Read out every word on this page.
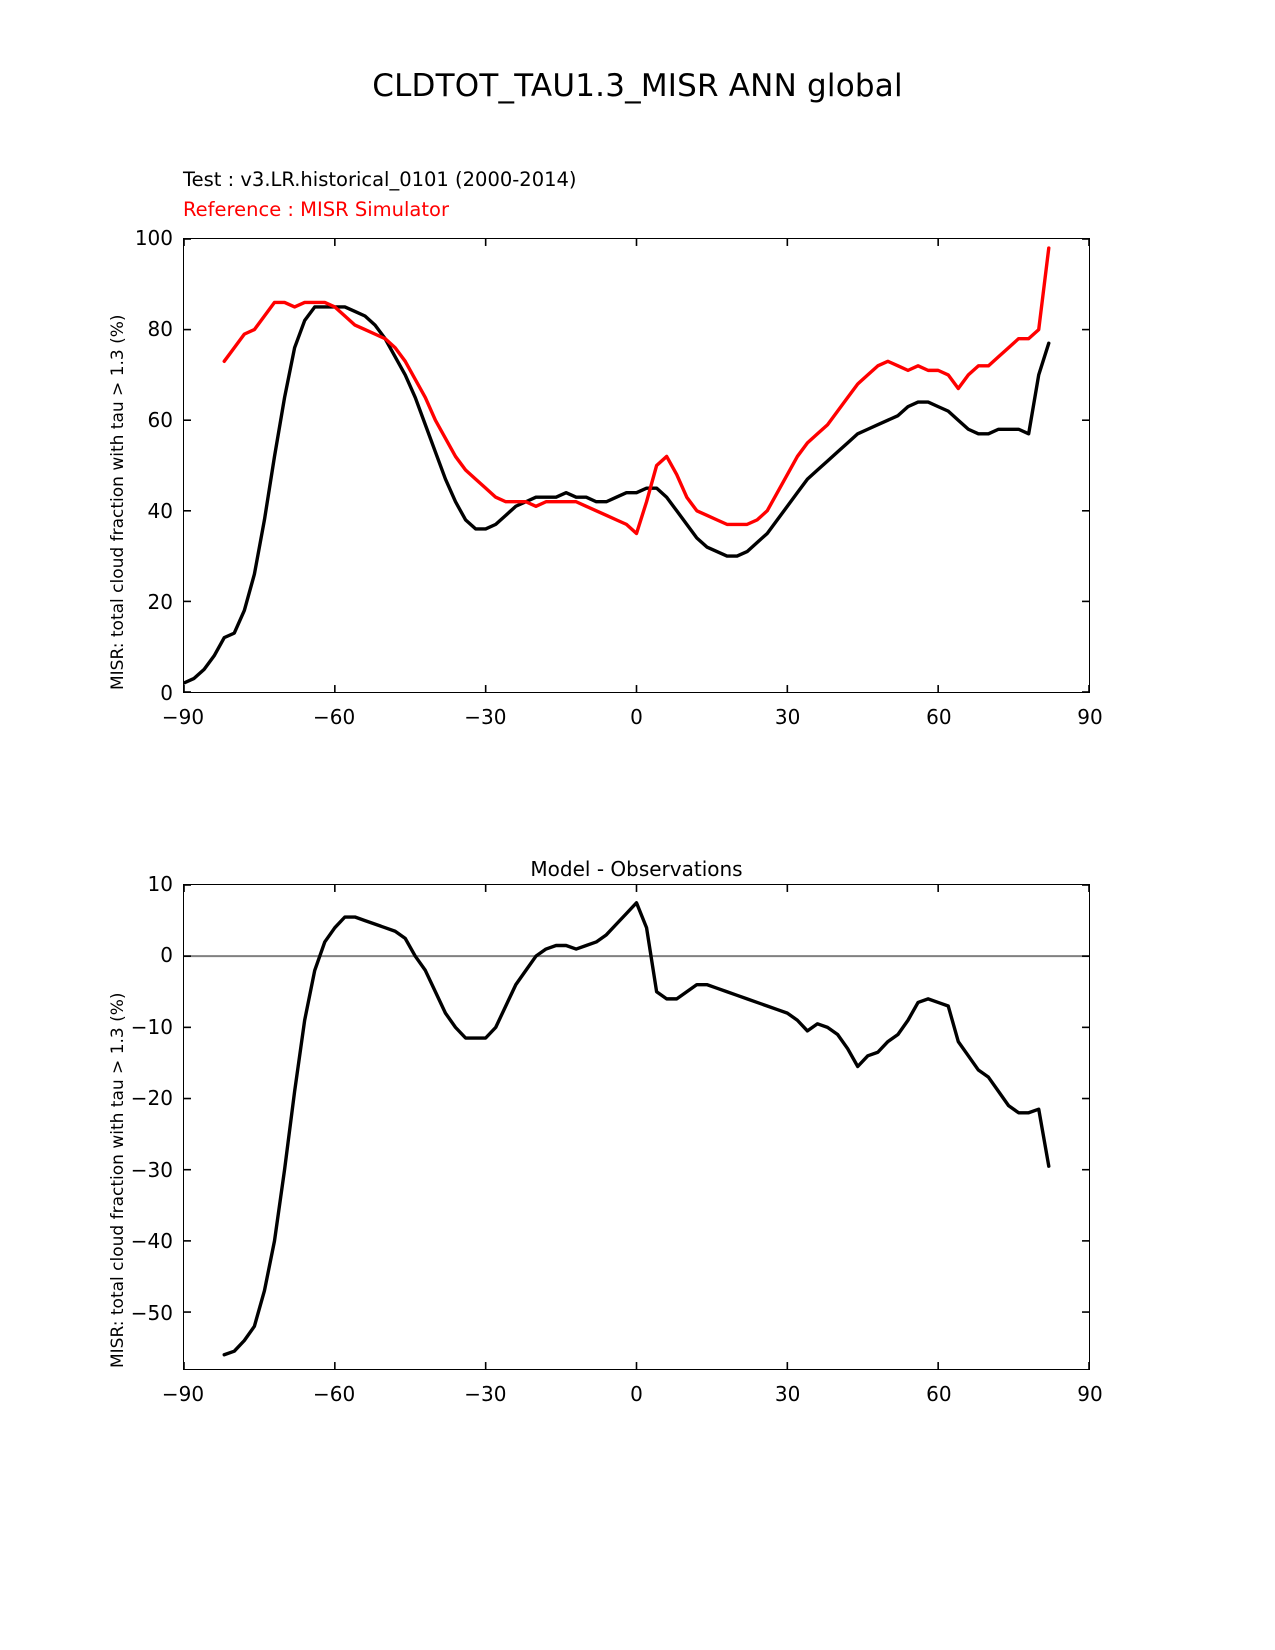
CLDTOT_TAU1.3_MISR ANN global
Test : v3.LR.historical_0101 (2000-2014)
Reference : MISR Simulator
MISR: total cloud fraction with tau > 1.3 (%)
Model - Observations
MISR: total cloud fraction with tau > 1.3 (%)
−90	−60	−30	0	30	60	90
0
20
40
60
80
100
−90	−60	−30	0	30	60	90
−50
−40
−30
−20
−10
0
10
